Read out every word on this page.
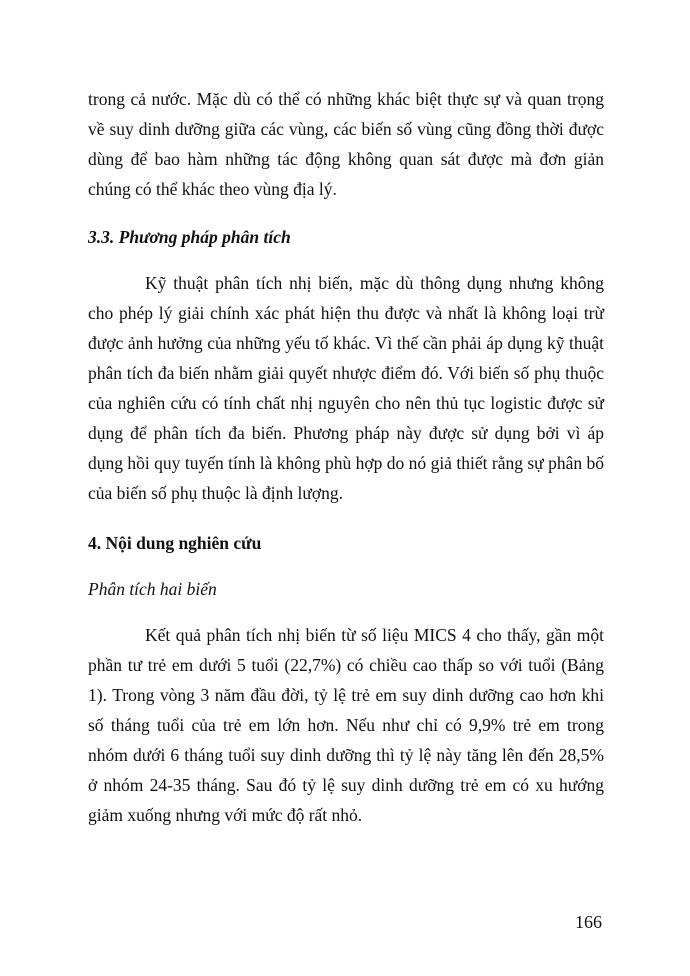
trong cả nước. Mặc dù có thể có những khác biệt thực sự và quan trọng về suy dinh dưỡng giữa các vùng, các biến số vùng cũng đồng thời được dùng để bao hàm những tác động không quan sát được mà đơn giản chúng có thể khác theo vùng địa lý.

3.3. Phương pháp phân tích

Kỹ thuật phân tích nhị biến, mặc dù thông dụng nhưng không cho phép lý giải chính xác phát hiện thu được và nhất là không loại trừ được ảnh hưởng của những yếu tố khác. Vì thế cần phải áp dụng kỹ thuật phân tích đa biến nhằm giải quyết nhược điểm đó. Với biến số phụ thuộc của nghiên cứu có tính chất nhị nguyên cho nên thủ tục logistic được sử dụng để phân tích đa biến. Phương pháp này được sử dụng bởi vì áp dụng hồi quy tuyến tính là không phù hợp do nó giả thiết rằng sự phân bố của biến số phụ thuộc là định lượng.

4. Nội dung nghiên cứu

Phân tích hai biến

Kết quả phân tích nhị biến từ số liệu MICS 4 cho thấy, gần một phần tư trẻ em dưới 5 tuổi (22,7%) có chiều cao thấp so với tuổi (Bảng 1). Trong vòng 3 năm đầu đời, tỷ lệ trẻ em suy dinh dưỡng cao hơn khi số tháng tuổi của trẻ em lớn hơn. Nếu như chỉ có 9,9% trẻ em trong nhóm dưới 6 tháng tuổi suy dinh dưỡng thì tỷ lệ này tăng lên đến 28,5% ở nhóm 24-35 tháng. Sau đó tỷ lệ suy dinh dưỡng trẻ em có xu hướng giảm xuống nhưng với mức độ rất nhỏ.

166
